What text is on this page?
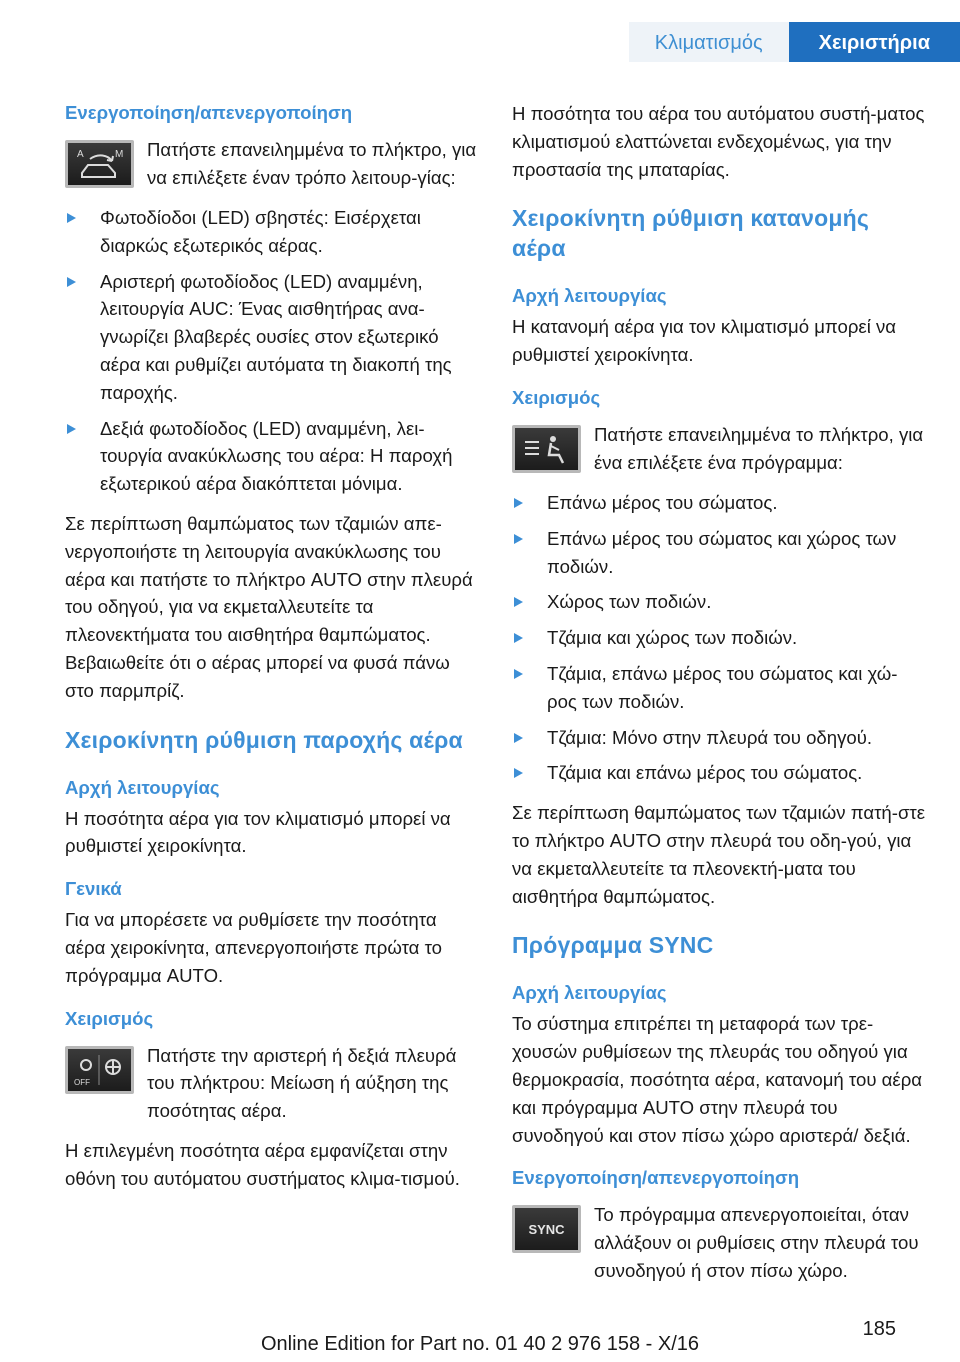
Κλιματισμός	Χειριστήρια
Ενεργοποίηση/απενεργοποίηση
A	M Πατήστε επανειλημμένα το πλήκτρο, για να επιλέξετε έναν τρόπο λειτουρ‐γίας:
Φωτοδίοδοι (LED) σβηστές: Εισέρχεται διαρκώς εξωτερικός αέρας.
Αριστερή φωτοδίοδος (LED) αναμμένη, λειτουργία AUC: Ένας αισθητήρας ανα‐γνωρίζει βλαβερές ουσίες στον εξωτερικό αέρα και ρυθμίζει αυτόματα τη διακοπή της παροχής.
Δεξιά φωτοδίοδος (LED) αναμμένη, λει‐τουργία ανακύκλωσης του αέρα: Η παροχή εξωτερικού αέρα διακόπτεται μόνιμα.

Σε περίπτωση θαμπώματος των τζαμιών απε‐νεργοποιήστε τη λειτουργία ανακύκλωσης του αέρα και πατήστε το πλήκτρο AUTO στην πλευρά του οδηγού, για να εκμεταλλευτείτε τα πλεονεκτήματα του αισθητήρα θαμπώματος. Βεβαιωθείτε ότι ο αέρας μπορεί να φυσά πάνω στο παρμπρίζ.

Χειροκίνητη ρύθμιση παροχής αέρα
Αρχή λειτουργίας

Η ποσότητα αέρα για τον κλιματισμό μπορεί να ρυθμιστεί χειροκίνητα.

Γενικά

Για να μπορέσετε να ρυθμίσετε την ποσότητα αέρα χειροκίνητα, απενεργοποιήστε πρώτα το πρόγραμμα AUTO.

Χειρισμός
OFF
Πατήστε την αριστερή ή δεξιά πλευρά του πλήκτρου: Μείωση ή αύξηση της ποσότητας αέρα.

Η επιλεγμένη ποσότητα αέρα εμφανίζεται στην οθόνη του αυτόματου συστήματος κλιμα‐τισμού.

Η ποσότητα του αέρα του αυτόματου συστή‐ματος κλιματισμού ελαττώνεται ενδεχομένως, για την προστασία της μπαταρίας.

Χειροκίνητη ρύθμιση κατανομής αέρα
Αρχή λειτουργίας

Η κατανομή αέρα για τον κλιματισμό μπορεί να ρυθμιστεί χειροκίνητα.

Χειρισμός
Πατήστε επανειλημμένα το πλήκτρο, για ένα επιλέξετε ένα πρόγραμμα:
Επάνω μέρος του σώματος.
Επάνω μέρος του σώματος και χώρος των ποδιών.
Χώρος των ποδιών.
Τζάμια και χώρος των ποδιών.
Τζάμια, επάνω μέρος του σώματος και χώ‐ρος των ποδιών.
Τζάμια: Μόνο στην πλευρά του οδηγού.
Τζάμια και επάνω μέρος του σώματος.

Σε περίπτωση θαμπώματος των τζαμιών πατή‐στε το πλήκτρο AUTO στην πλευρά του οδη‐γού, για να εκμεταλλευτείτε τα πλεονεκτή‐ματα του αισθητήρα θαμπώματος.

Πρόγραμμα SYNC
Αρχή λειτουργίας

Το σύστημα επιτρέπει τη μεταφορά των τρε‐χουσών ρυθμίσεων της πλευράς του οδηγού για θερμοκρασία, ποσότητα αέρα, κατανομή του αέρα και πρόγραμμα AUTO στην πλευρά του συνοδηγού και στον πίσω χώρο αριστερά/ δεξιά.

Ενεργοποίηση/απενεργοποίηση
SYNC
Το πρόγραμμα απενεργοποιείται, όταν αλλάξουν οι ρυθμίσεις στην πλευρά του συνοδηγού ή στον πίσω χώρο.
185
Online Edition for Part no. 01 40 2 976 158 - X/16
